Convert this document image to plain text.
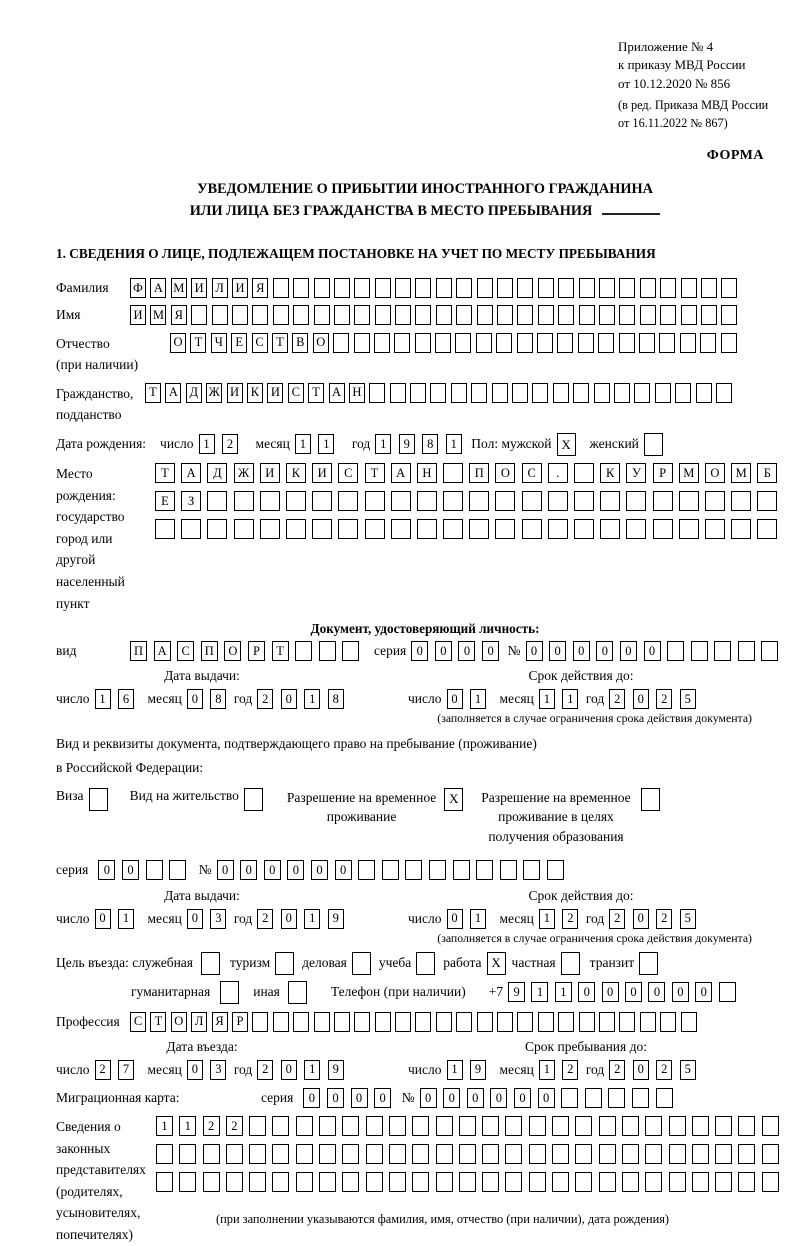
Приложение № 4
к приказу МВД России
от 10.12.2020 № 856
(в ред. Приказа МВД России
от 16.11.2022 № 867)
ФОРМА
УВЕДОМЛЕНИЕ О ПРИБЫТИИ ИНОСТРАННОГО ГРАЖДАНИНА
ИЛИ ЛИЦА БЕЗ ГРАЖДАНСТВА В МЕСТО ПРЕБЫВАНИЯ
1. СВЕДЕНИЯ О ЛИЦЕ, ПОДЛЕЖАЩЕМ ПОСТАНОВКЕ НА УЧЕТ ПО МЕСТУ ПРЕБЫВАНИЯ
Фамилия	Ф А М И Л И Я
Имя	И М Я
Отчество
(при наличии)
О Т	Ч	Е С Т В О
Гражданство,
подданство
Т А Д Ж И К И С Т А Н
Дата рождения: число 1	2	месяц 1	1	год 1	9	8	1	Пол: мужской X	женский
Место рождения:
государство
город или другой
населенный пункт
Т	А	Д	Ж	И	К	И	С	Т	А	Н	П	О	С	.	К	У	Р	М	О	М	Б
Е	З
Документ, удостоверяющий личность:
вид	П	А	С	П	О	Р	Т	серия 0	0	0	0	№ 0	0	0	0	0	0
Дата выдачи:	Срок действия до:
число 1	6	месяц 0	8 год 2	0	1	8	число 0	1	месяц 1	1 год 2	0	2	5
(заполняется в случае ограничения срока действия документа)
Вид и реквизиты документа, подтверждающего право на пребывание (проживание)
в Российской Федерации:
Виза	Вид на жительство	Разрешение на временное
проживание
X	Разрешение на временное
проживание в целях
получения образования
серия	0	0	№ 0	0	0	0	0	0
Дата выдачи:	Срок действия до:
число 0	1	месяц 0	3 год 2	0	1	9	число 0	1	месяц 1	2 год 2	0	2	5
(заполняется в случае ограничения срока действия документа)
Цель въезда: служебная	туризм деловая учеба работа X частная	транзит
гуманитарная	иная	Телефон (при наличии) +7 9	1	1	0	0	0	0	0	0
Профессия	С Т О Л Я	Р
Дата въезда:	Срок пребывания до:
число 2	7	месяц 0	3 год 2	0	1	9	число 1	9	месяц 1	2 год 2	0	2	5
Миграционная карта:	серия	0	0	0	0	№ 0	0	0	0	0	0
Сведения о
законных
представителях
(родителях,
усыновителях,
попечителях)
1	1	2	2
(при заполнении указываются фамилия, имя, отчество (при наличии), дата рождения)
